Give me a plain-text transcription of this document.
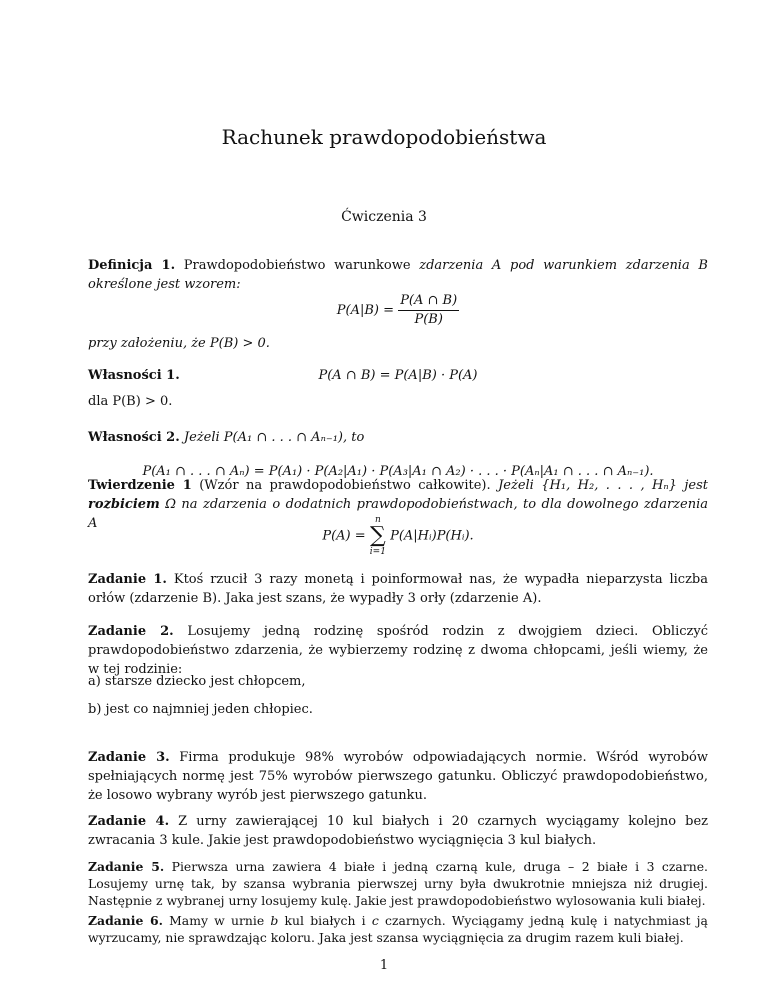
Rachunek prawdopodobieństwa
Ćwiczenia 3
Definicja 1. Prawdopodobieństwo warunkowe zdarzenia A pod warunkiem zdarzenia B określone jest wzorem:
$P(A|B) = \frac{P(A \cap B)}{P(B)}$
przy założeniu, że P(B) > 0.
Własności 1.	P(A ∩ B) = P(A|B) · P(A)
dla P(B) > 0.
Własności 2. Jeżeli P(A₁ ∩ . . . ∩ Aₙ₋₁), to
P(A₁ ∩ . . . ∩ Aₙ) = P(A₁) · P(A₂|A₁) · P(A₃|A₁ ∩ A₂) · . . . · P(Aₙ|A₁ ∩ . . . ∩ Aₙ₋₁).
Twierdzenie 1 (Wzór na prawdopodobieństwo całkowite). Jeżeli {H₁, H₂, . . . , Hₙ} jest rozbiciem Ω na zdarzenia o dodatnich prawdopodobieństwach, to dla dowolnego zdarzenia A
P(A) =
n
∑
i=1
P(A|Hᵢ)P(Hᵢ).
Zadanie 1. Ktoś rzucił 3 razy monetą i poinformował nas, że wypadła nieparzysta liczba orłów (zdarzenie B). Jaka jest szans, że wypadły 3 orły (zdarzenie A).
Zadanie 2. Losujemy jedną rodzinę spośród rodzin z dwojgiem dzieci. Obliczyć prawdopodobieństwo zdarzenia, że wybierzemy rodzinę z dwoma chłopcami, jeśli wiemy, że w tej rodzinie:
a) starsze dziecko jest chłopcem,
b) jest co najmniej jeden chłopiec.
Zadanie 3. Firma produkuje 98% wyrobów odpowiadających normie. Wśród wyrobów spełniających normę jest 75% wyrobów pierwszego gatunku. Obliczyć prawdopodobieństwo, że losowo wybrany wyrób jest pierwszego gatunku.
Zadanie 4. Z urny zawierającej 10 kul białych i 20 czarnych wyciągamy kolejno bez zwracania 3 kule. Jakie jest prawdopodobieństwo wyciągnięcia 3 kul białych.
Zadanie 5. Pierwsza urna zawiera 4 białe i jedną czarną kule, druga – 2 białe i 3 czarne. Losujemy urnę tak, by szansa wybrania pierwszej urny była dwukrotnie mniejsza niż drugiej. Następnie z wybranej urny losujemy kulę. Jakie jest prawdopodobieństwo wylosowania kuli białej.
Zadanie 6. Mamy w urnie b kul białych i c czarnych. Wyciągamy jedną kulę i natychmiast ją wyrzucamy, nie sprawdzając koloru. Jaka jest szansa wyciągnięcia za drugim razem kuli białej.
1
